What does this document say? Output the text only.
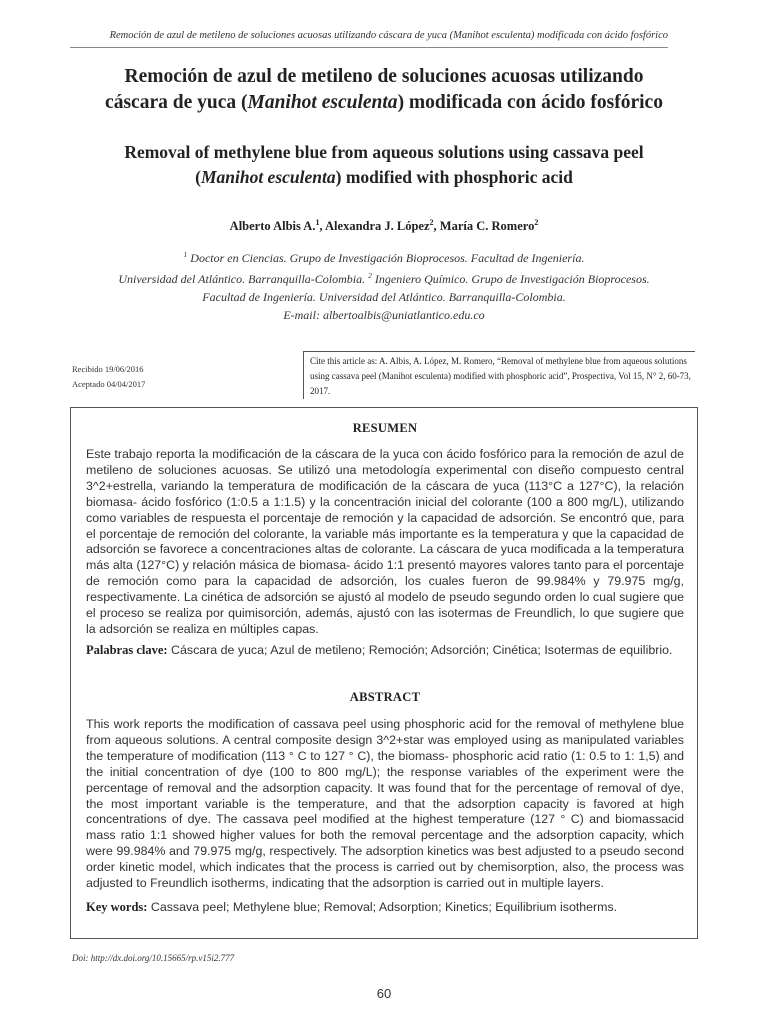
Remoción de azul de metileno de soluciones acuosas utilizando cáscara de yuca (Manihot esculenta) modificada con ácido fosfórico
Remoción de azul de metileno de soluciones acuosas utilizando
cáscara de yuca (Manihot esculenta) modificada con ácido fosfórico
Removal of methylene blue from aqueous solutions using cassava peel
(Manihot esculenta) modified with phosphoric acid
Alberto Albis A.$^1$, Alexandra J. López$^2$, María C. Romero$^2$
$^1$ Doctor en Ciencias. Grupo de Investigación Bioprocesos. Facultad de Ingeniería.
Universidad del Atlántico. Barranquilla-Colombia. $^2$ Ingeniero Químico. Grupo de Investigación Bioprocesos.
Facultad de Ingeniería. Universidad del Atlántico. Barranquilla-Colombia.
E-mail: albertoalbis@uniatlantico.edu.co
Recibido 19/06/2016
Aceptado 04/04/2017
Cite this article as: A. Albis, A. López, M. Romero, “Removal of methylene blue from aqueous solutions using cassava peel (Manihot esculenta) modified with phosphoric acid”, Prospectiva, Vol 15, N° 2, 60-73, 2017.
RESUMEN
Este trabajo reporta la modificación de la cáscara de la yuca con ácido fosfórico para la remoción de azul de metileno de soluciones acuosas. Se utilizó una metodología experimental con diseño compuesto central 3^2+estrella, variando la temperatura de modificación de la cáscara de yuca (113°C a 127°C), la relación biomasa- ácido fosfórico (1:0.5 a 1:1.5) y la concentración inicial del colorante (100 a 800 mg/L), utilizando como variables de respuesta el porcentaje de remoción y la capacidad de adsorción. Se encontró que, para el porcentaje de remoción del colorante, la variable más importante es la temperatura y que la capacidad de adsorción se favorece a concentraciones altas de colorante. La cáscara de yuca modificada a la temperatura más alta (127°C) y relación másica de biomasa- ácido 1:1 presentó mayores valores tanto para el porcentaje de remoción como para la capacidad de adsorción, los cuales fueron de 99.984% y 79.975 mg/g, respectivamente. La cinética de adsorción se ajustó al modelo de pseudo segundo orden lo cual sugiere que el proceso se realiza por quimisorción, además, ajustó con las isotermas de Freundlich, lo que sugiere que la adsorción se realiza en múltiples capas.
Palabras clave: Cáscara de yuca; Azul de metileno; Remoción; Adsorción; Cinética; Isotermas de equilibrio.
ABSTRACT
This work reports the modification of cassava peel using phosphoric acid for the removal of methylene blue from aqueous solutions. A central composite design 3^2+star was employed using as manipulated variables the temperature of modification (113 ° C to 127 ° C), the biomass- phosphoric acid ratio (1: 0.5 to 1: 1,5) and the initial concentration of dye (100 to 800 mg/L); the response variables of the experiment were the percentage of removal and the adsorption capacity. It was found that for the percentage of removal of dye, the most important variable is the temperature, and that the adsorption capacity is favored at high concentrations of dye. The cassava peel modified at the highest temperature (127 ° C) and biomassacid mass ratio 1:1 showed higher values for both the removal percentage and the adsorption capacity, which were 99.984% and 79.975 mg/g, respectively. The adsorption kinetics was best adjusted to a pseudo second order kinetic model, which indicates that the process is carried out by chemisorption, also, the process was adjusted to Freundlich isotherms, indicating that the adsorption is carried out in multiple layers.
Key words: Cassava peel; Methylene blue; Removal; Adsorption; Kinetics; Equilibrium isotherms.
Doi: http://dx.doi.org/10.15665/rp.v15i2.777
60
